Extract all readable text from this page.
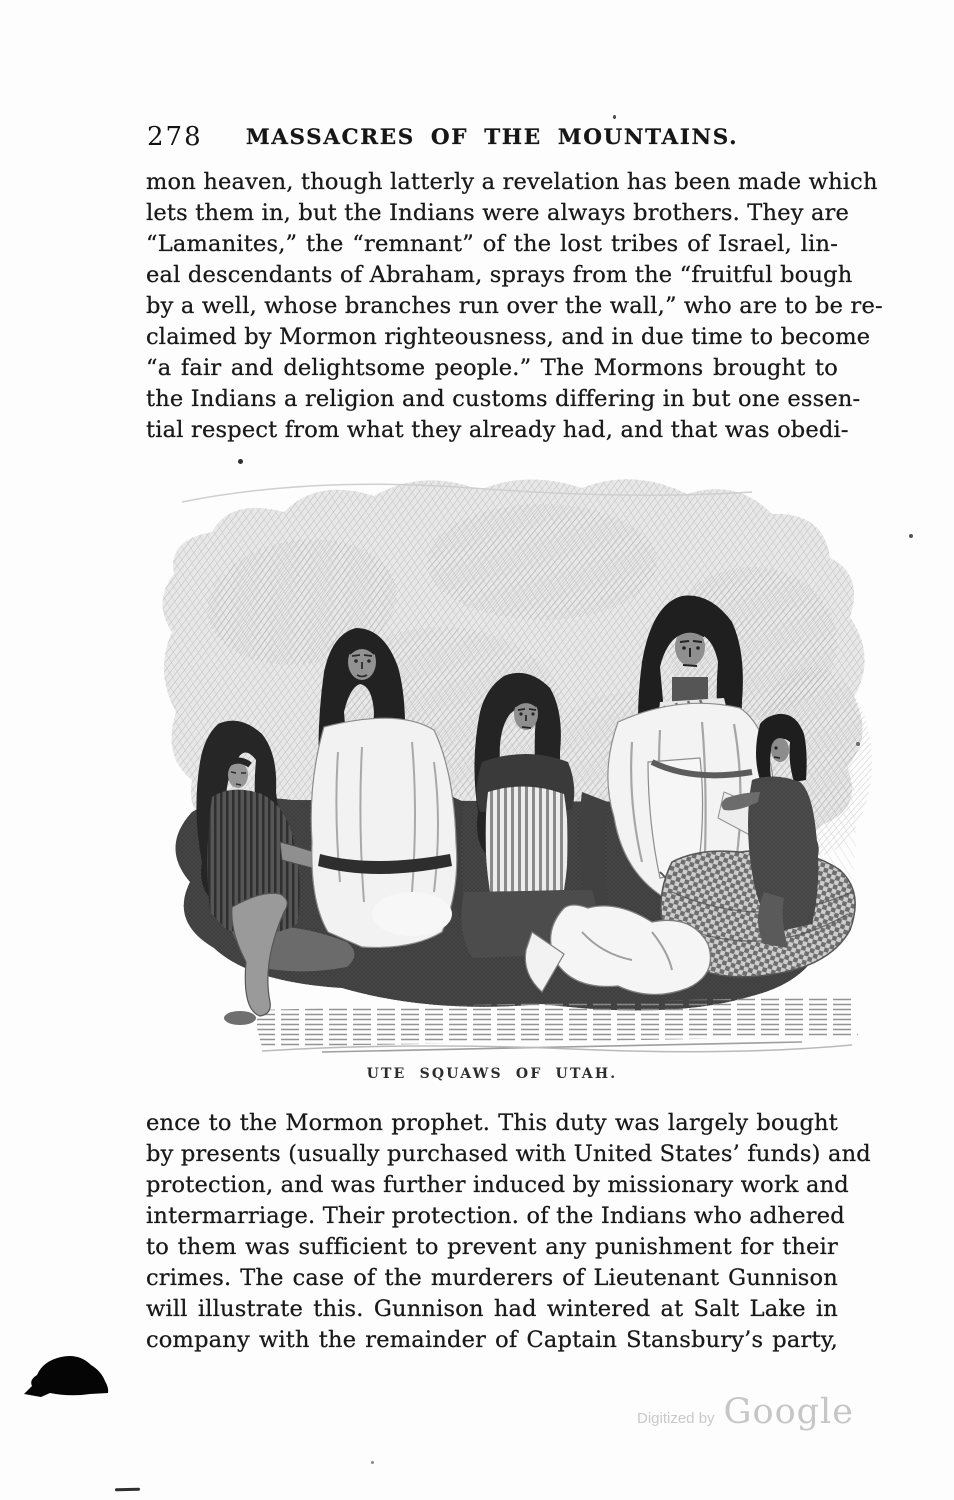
278	MASSACRES OF THE MOUNTAINS.
mon heaven, though latterly a revelation has been made which
lets them in, but the Indians were always brothers. They are
“Lamanites,” the “remnant” of the lost tribes of Israel, lin-
eal descendants of Abraham, sprays from the “fruitful bough
by a well, whose branches run over the wall,” who are to be re-
claimed by Mormon righteousness, and in due time to become
“a fair and delightsome people.” The Mormons brought to
the Indians a religion and customs differing in but one essen-
tial respect from what they already had, and that was obedi-
UTE SQUAWS OF UTAH.
ence to the Mormon prophet. This duty was largely bought
by presents (usually purchased with United States’ funds) and
protection, and was further induced by missionary work and
intermarriage. Their protection. of the Indians who adhered
to them was sufficient to prevent any punishment for their
crimes. The case of the murderers of Lieutenant Gunnison
will illustrate this. Gunnison had wintered at Salt Lake in
company with the remainder of Captain Stansbury’s party,
Digitized by Google
